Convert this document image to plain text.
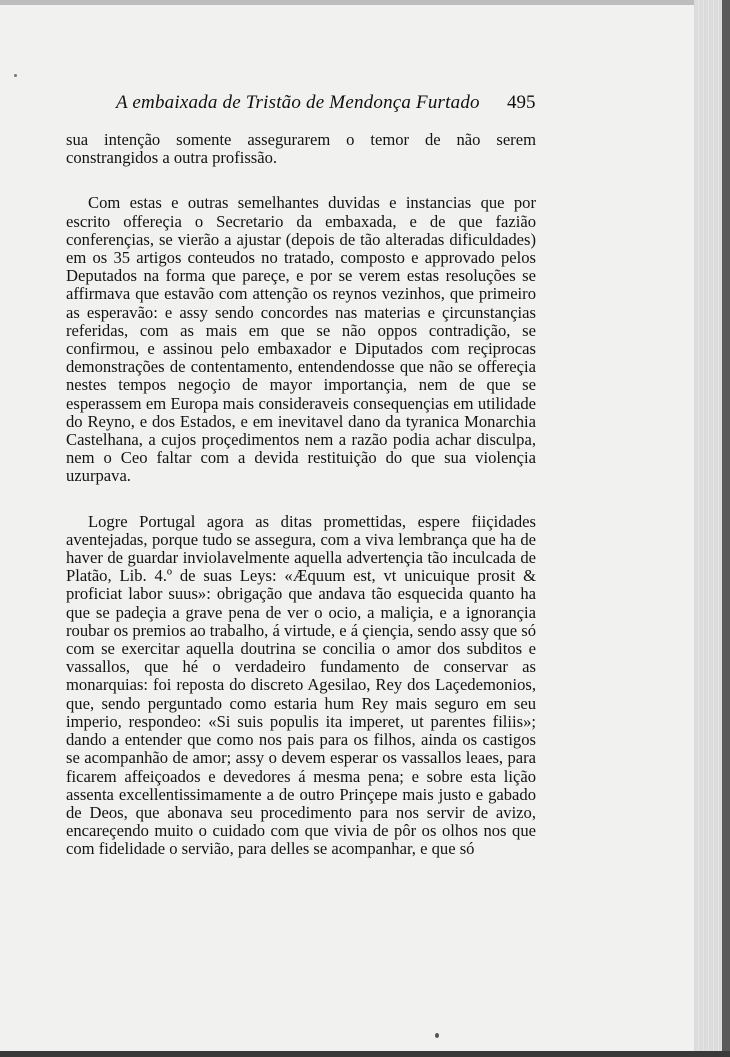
A embaixada de Tristão de Mendonça Furtado 495

sua intenção somente assegurarem o temor de não serem constrangidos a outra profissão.

Com estas e outras semelhantes duvidas e instancias que por escrito offereçia o Secretario da embaxada, e de que fazião conferençias, se vierão a ajustar (depois de tão alteradas dificuldades) em os 35 artigos conteudos no tratado, composto e approvado pelos Deputados na forma que pareçe, e por se verem estas resoluções se affirmava que estavão com attenção os reynos vezinhos, que primeiro as esperavão: e assy sendo concordes nas materias e çircunstançias referidas, com as mais em que se não oppos contradição, se confirmou, e assinou pelo embaxador e Diputados com reçiprocas demonstrações de contentamento, entendendosse que não se offereçia nestes tempos negoçio de mayor importançia, nem de que se esperassem em Europa mais consideraveis consequençias em utilidade do Reyno, e dos Estados, e em inevitavel dano da tyranica Monarchia Castelhana, a cujos proçedimentos nem a razão podia achar disculpa, nem o Ceo faltar com a devida restituição do que sua violençia uzurpava.

Logre Portugal agora as ditas promettidas, espere fiiçidades aventejadas, porque tudo se assegura, com a viva lembrança que ha de haver de guardar inviolavelmente aquella advertençia tão inculcada de Platão, Lib. 4.º de suas Leys: «Æquum est, vt unicuique prosit & proficiat labor suus»: obrigação que andava tão esquecida quanto ha que se padeçia a grave pena de ver o ocio, a maliçia, e a ignorançia roubar os premios ao trabalho, á virtude, e á çiençia, sendo assy que só com se exercitar aquella doutrina se concilia o amor dos subditos e vassallos, que hé o verdadeiro fundamento de conservar as monarquias: foi reposta do discreto Agesilao, Rey dos Laçedemonios, que, sendo perguntado como estaria hum Rey mais seguro em seu imperio, respondeo: «Si suis populis ita imperet, ut parentes filiis»; dando a entender que como nos pais para os filhos, ainda os castigos se acompanhão de amor; assy o devem esperar os vassallos leaes, para ficarem affeiçoados e devedores á mesma pena; e sobre esta lição assenta excellentissimamente a de outro Prinçepe mais justo e gabado de Deos, que abonava seu procedimento para nos servir de avizo, encareçendo muito o cuidado com que vivia de pôr os olhos nos que com fidelidade o servião, para delles se acompanhar, e que só
